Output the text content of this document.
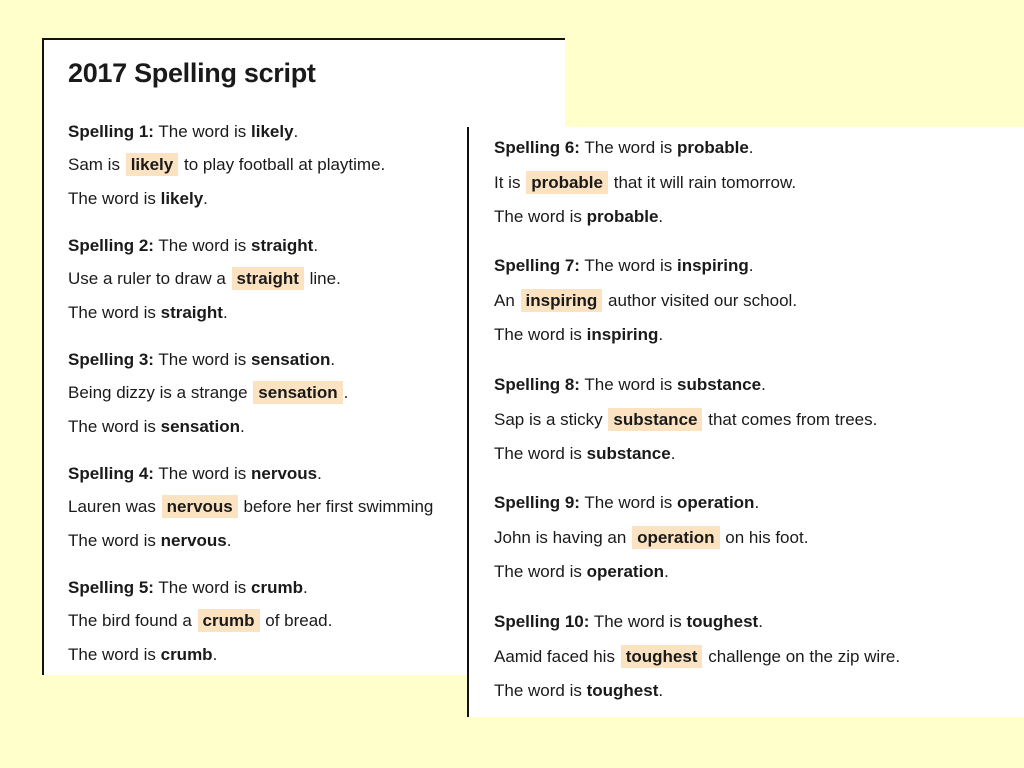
2017 Spelling script
Spelling 1: The word is likely.
Sam is likely to play football at playtime.
The word is likely.
Spelling 2: The word is straight.
Use a ruler to draw a straight line.
The word is straight.
Spelling 3: The word is sensation.
Being dizzy is a strange sensation .
The word is sensation.
Spelling 4: The word is nervous.
Lauren was nervous before her first swimming
The word is nervous.
Spelling 5: The word is crumb.
The bird found a crumb of bread.
The word is crumb.
Spelling 6: The word is probable.
It is probable that it will rain tomorrow.
The word is probable.
Spelling 7: The word is inspiring.
An inspiring author visited our school.
The word is inspiring.
Spelling 8: The word is substance.
Sap is a sticky substance that comes from trees.
The word is substance.
Spelling 9: The word is operation.
John is having an operation on his foot.
The word is operation.
Spelling 10: The word is toughest.
Aamid faced his toughest challenge on the zip wire.
The word is toughest.
